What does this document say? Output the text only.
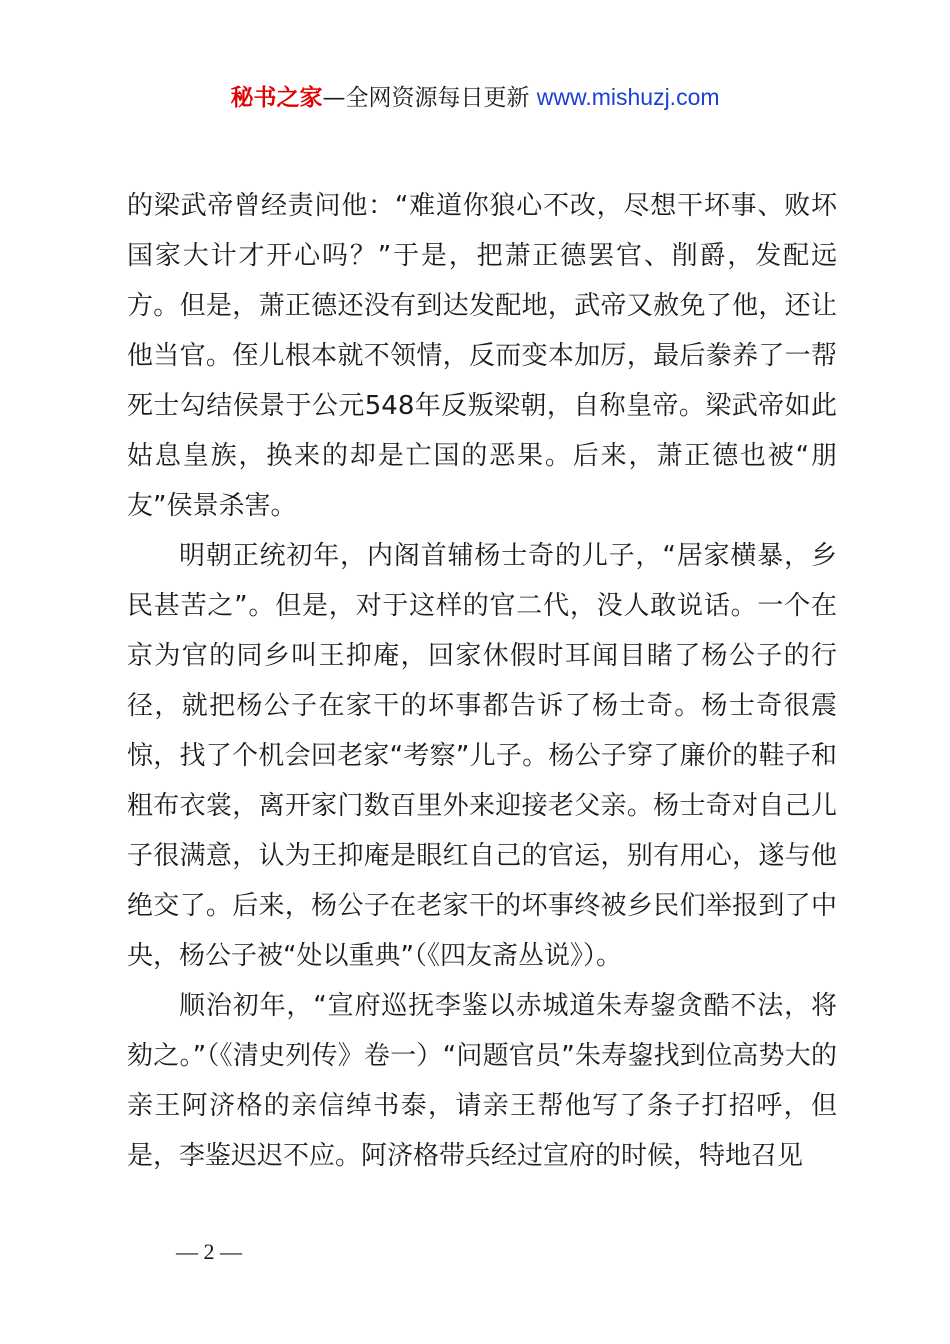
秘书之家—全网资源每日更新 www.mishuzj.com

的梁武帝曾经责问他：“难道你狼心不改，尽想干坏事、败坏国家大计才开心吗？”于是，把萧正德罢官、削爵，发配远方。但是，萧正德还没有到达发配地，武帝又赦免了他，还让他当官。侄儿根本就不领情，反而变本加厉，最后豢养了一帮死士勾结侯景于公元548年反叛梁朝，自称皇帝。梁武帝如此姑息皇族，换来的却是亡国的恶果。后来，萧正德也被“朋友”侯景杀害。

明朝正统初年，内阁首辅杨士奇的儿子，“居家横暴，乡民甚苦之”。但是，对于这样的官二代，没人敢说话。一个在京为官的同乡叫王抑庵，回家休假时耳闻目睹了杨公子的行径，就把杨公子在家干的坏事都告诉了杨士奇。杨士奇很震惊，找了个机会回老家“考察”儿子。杨公子穿了廉价的鞋子和粗布衣裳，离开家门数百里外来迎接老父亲。杨士奇对自己儿子很满意，认为王抑庵是眼红自己的官运，别有用心，遂与他绝交了。后来，杨公子在老家干的坏事终被乡民们举报到了中央，杨公子被“处以重典”（《四友斋丛说》）。

顺治初年，“宣府巡抚李鉴以赤城道朱寿鋆贪酷不法，将劾之。”（《清史列传》卷一）“问题官员”朱寿鋆找到位高势大的亲王阿济格的亲信绰书泰，请亲王帮他写了条子打招呼，但是，李鉴迟迟不应。阿济格带兵经过宣府的时候，特地召见

— 2 —
